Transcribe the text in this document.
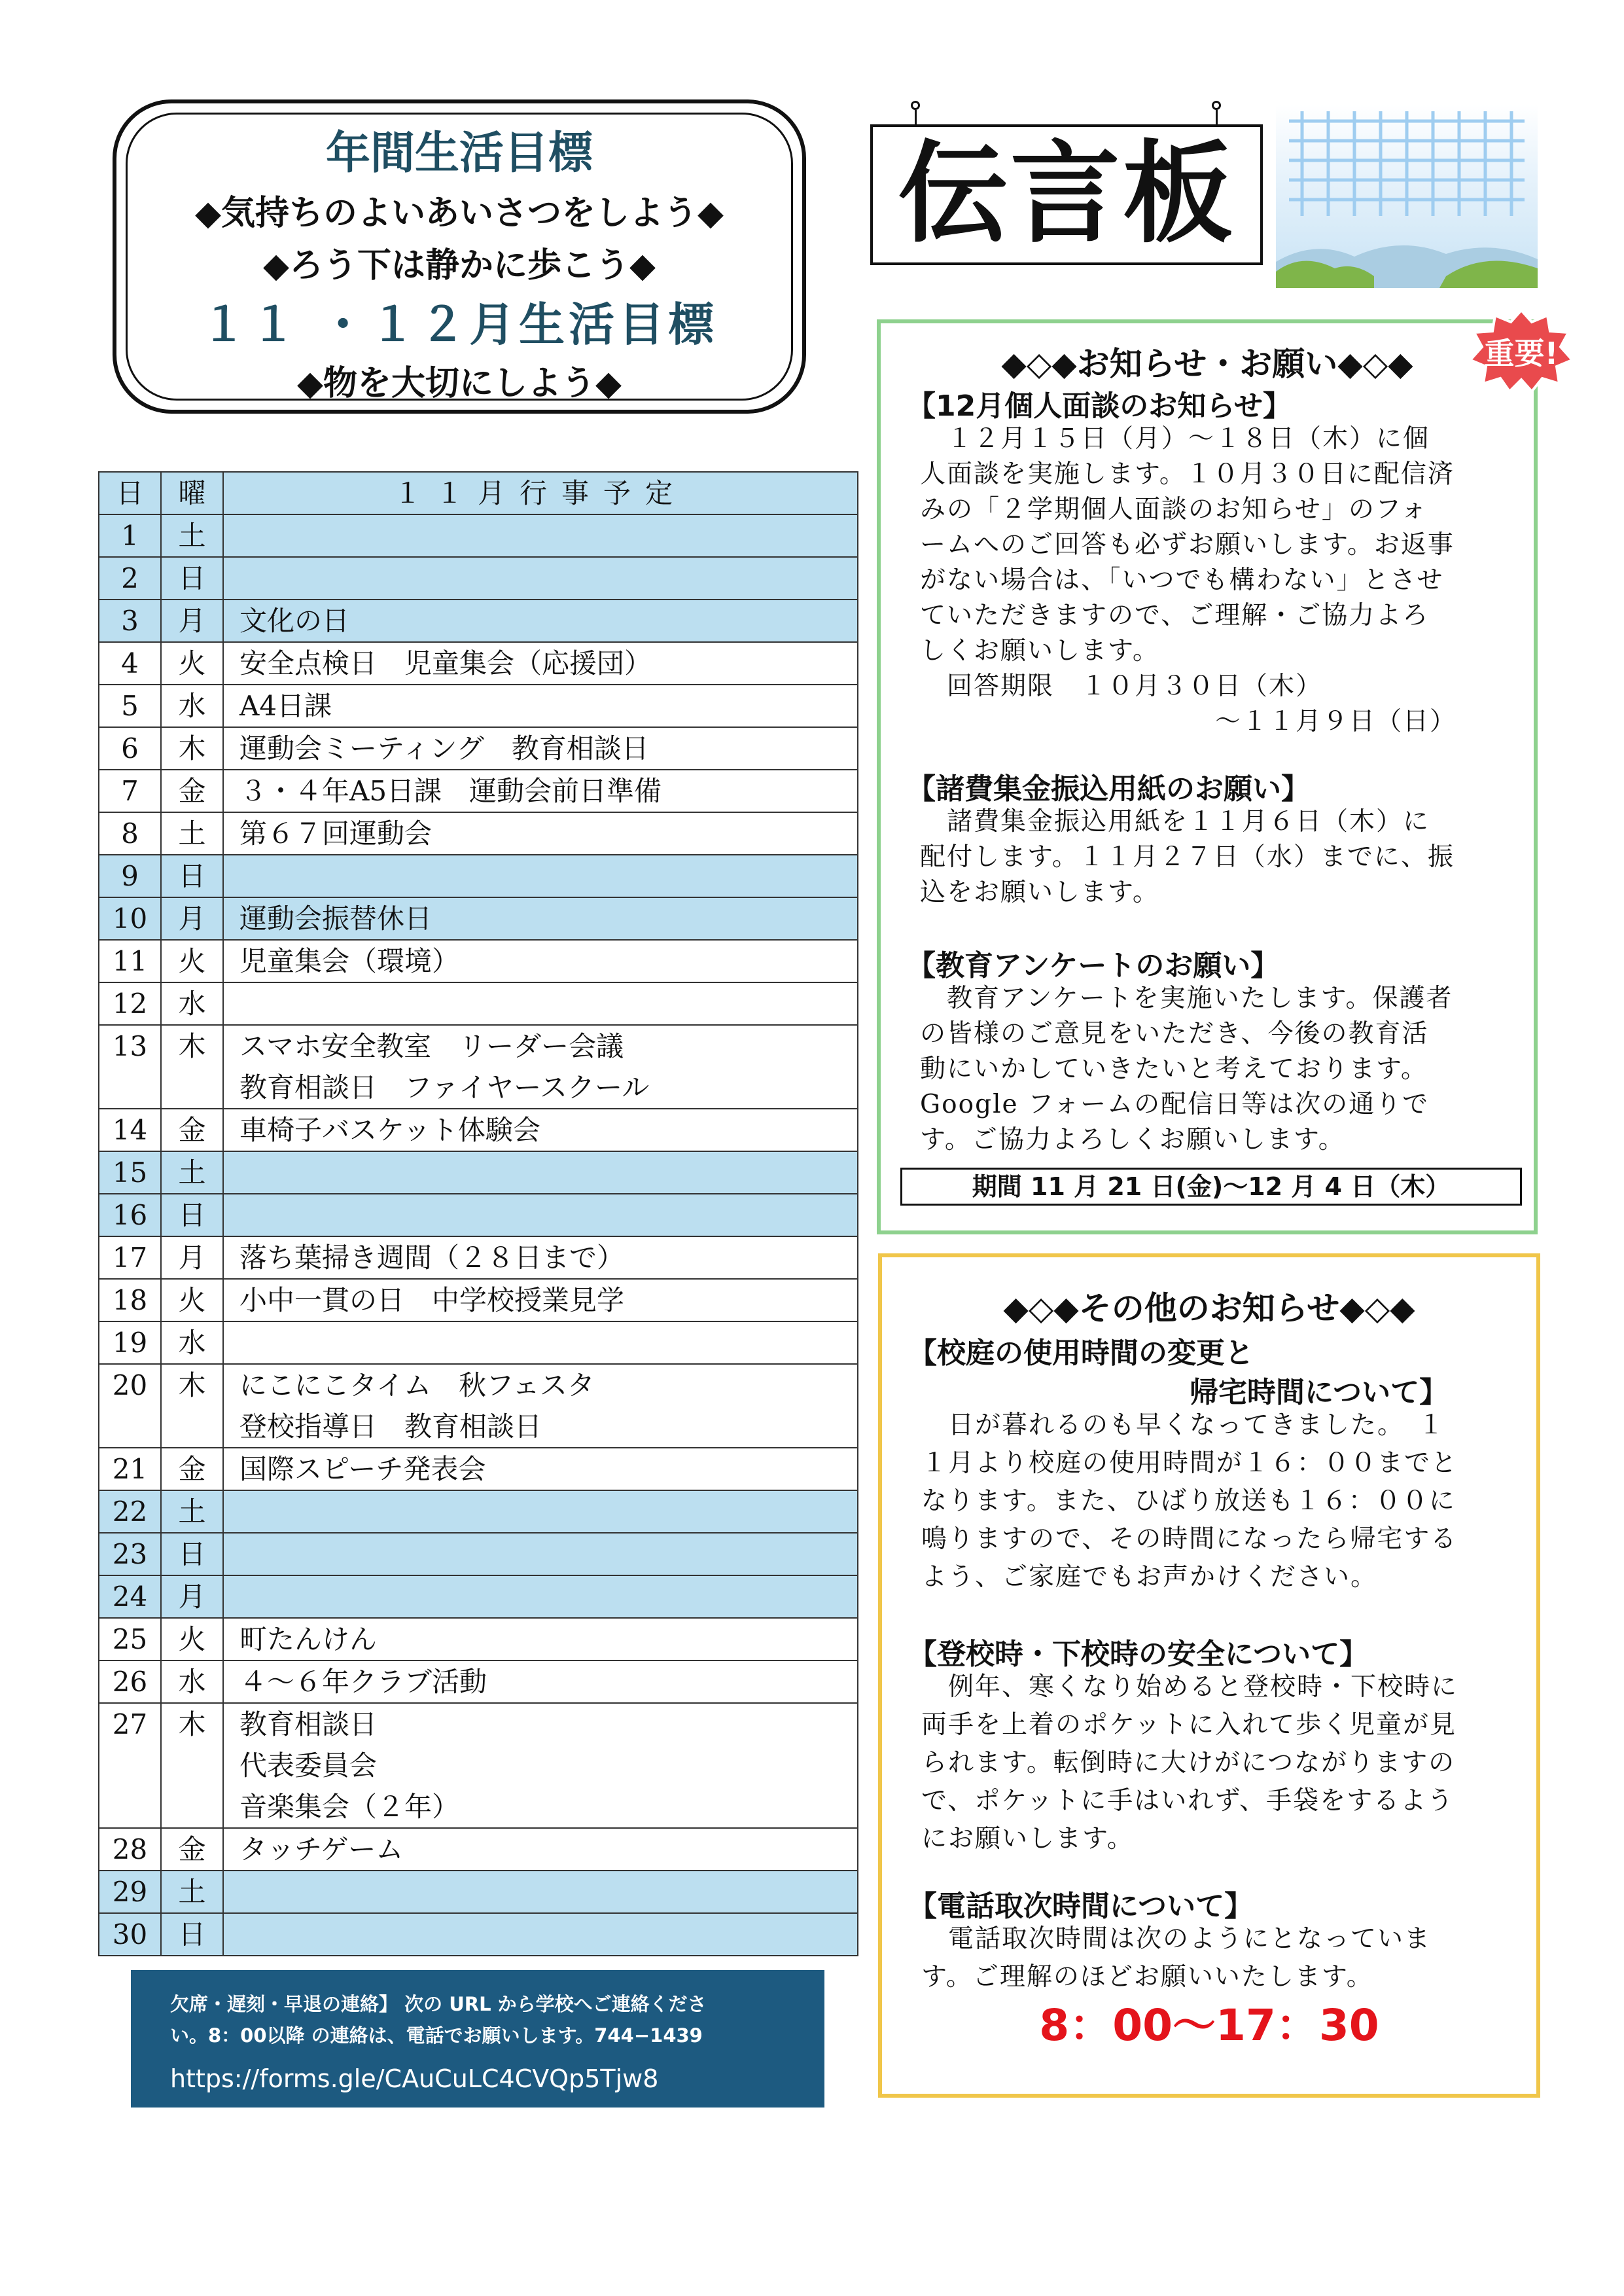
年間生活目標
◆気持ちのよいあいさつをしよう◆
◆ろう下は静かに歩こう◆
１１ ・１２月生活目標
◆物を大切にしよう◆
日	曜	１１月行事予定
1	土	

2	日	

3	月	文化の日

4	火	安全点検日　児童集会（応援団）

5	水	A4日課

6	木	運動会ミーティング　教育相談日

7	金	３・４年A5日課　運動会前日準備

8	土	第６７回運動会

9	日	

10	月	運動会振替休日

11	火	児童集会（環境）

12	水	

13	木	スマホ安全教室　リーダー会議
教育相談日　ファイヤースクール

14	金	車椅子バスケット体験会

15	土	

16	日	

17	月	落ち葉掃き週間（２８日まで）

18	火	小中一貫の日　中学校授業見学

19	水	

20	木	にこにこタイム　秋フェスタ
登校指導日　教育相談日

21	金	国際スピーチ発表会

22	土	

23	日	

24	月	

25	火	町たんけん

26	水	４～６年クラブ活動

27	木	教育相談日
代表委員会
音楽集会（２年）

28	金	タッチゲーム

29	土	

30	日	
欠席・遅刻・早退の連絡】 次の URL から学校へご連絡くださ
い。8：00以降 の連絡は、電話でお願いします。744−1439
https://forms.gle/CAuCuLC4CVQp5Tjw8
伝言板
◆◇◆お知らせ・お願い◆◇◆
【12月個人面談のお知らせ】
　１２月１５日（月）～１８日（木）に個
人面談を実施します。１０月３０日に配信済
みの「２学期個人面談のお知らせ」のフォ
ームへのご回答も必ずお願いします。お返事
がない場合は、「いつでも構わない」とさせ
ていただきますので、ご理解・ご協力よろ
しくお願いします。
　回答期限　１０月３０日（木）
　　　　　　　　　　　～１１月９日（日）
【諸費集金振込用紙のお願い】
　諸費集金振込用紙を１１月６日（木）に
配付します。１１月２７日（水）までに、振
込をお願いします。
【教育アンケートのお願い】
　教育アンケートを実施いたします。保護者
の皆様のご意見をいただき、今後の教育活
動にいかしていきたいと考えております。
Google フォームの配信日等は次の通りで
す。ご協力よろしくお願いします。
期間 11 月 21 日(金)～12 月 4 日（木）
重要!
◆◇◆その他のお知らせ◆◇◆
【校庭の使用時間の変更と
帰宅時間について】
　日が暮れるのも早くなってきました。　１
１月より校庭の使用時間が１６：００までと
なります。また、ひばり放送も１６：００に
鳴りますので、その時間になったら帰宅する
よう、ご家庭でもお声かけください。
【登校時・下校時の安全について】
　例年、寒くなり始めると登校時・下校時に
両手を上着のポケットに入れて歩く児童が見
られます。転倒時に大けがにつながりますの
で、ポケットに手はいれず、手袋をするよう
にお願いします。
【電話取次時間について】
　電話取次時間は次のようにとなっていま
す。ご理解のほどお願いいたします。
8：00～17：30
